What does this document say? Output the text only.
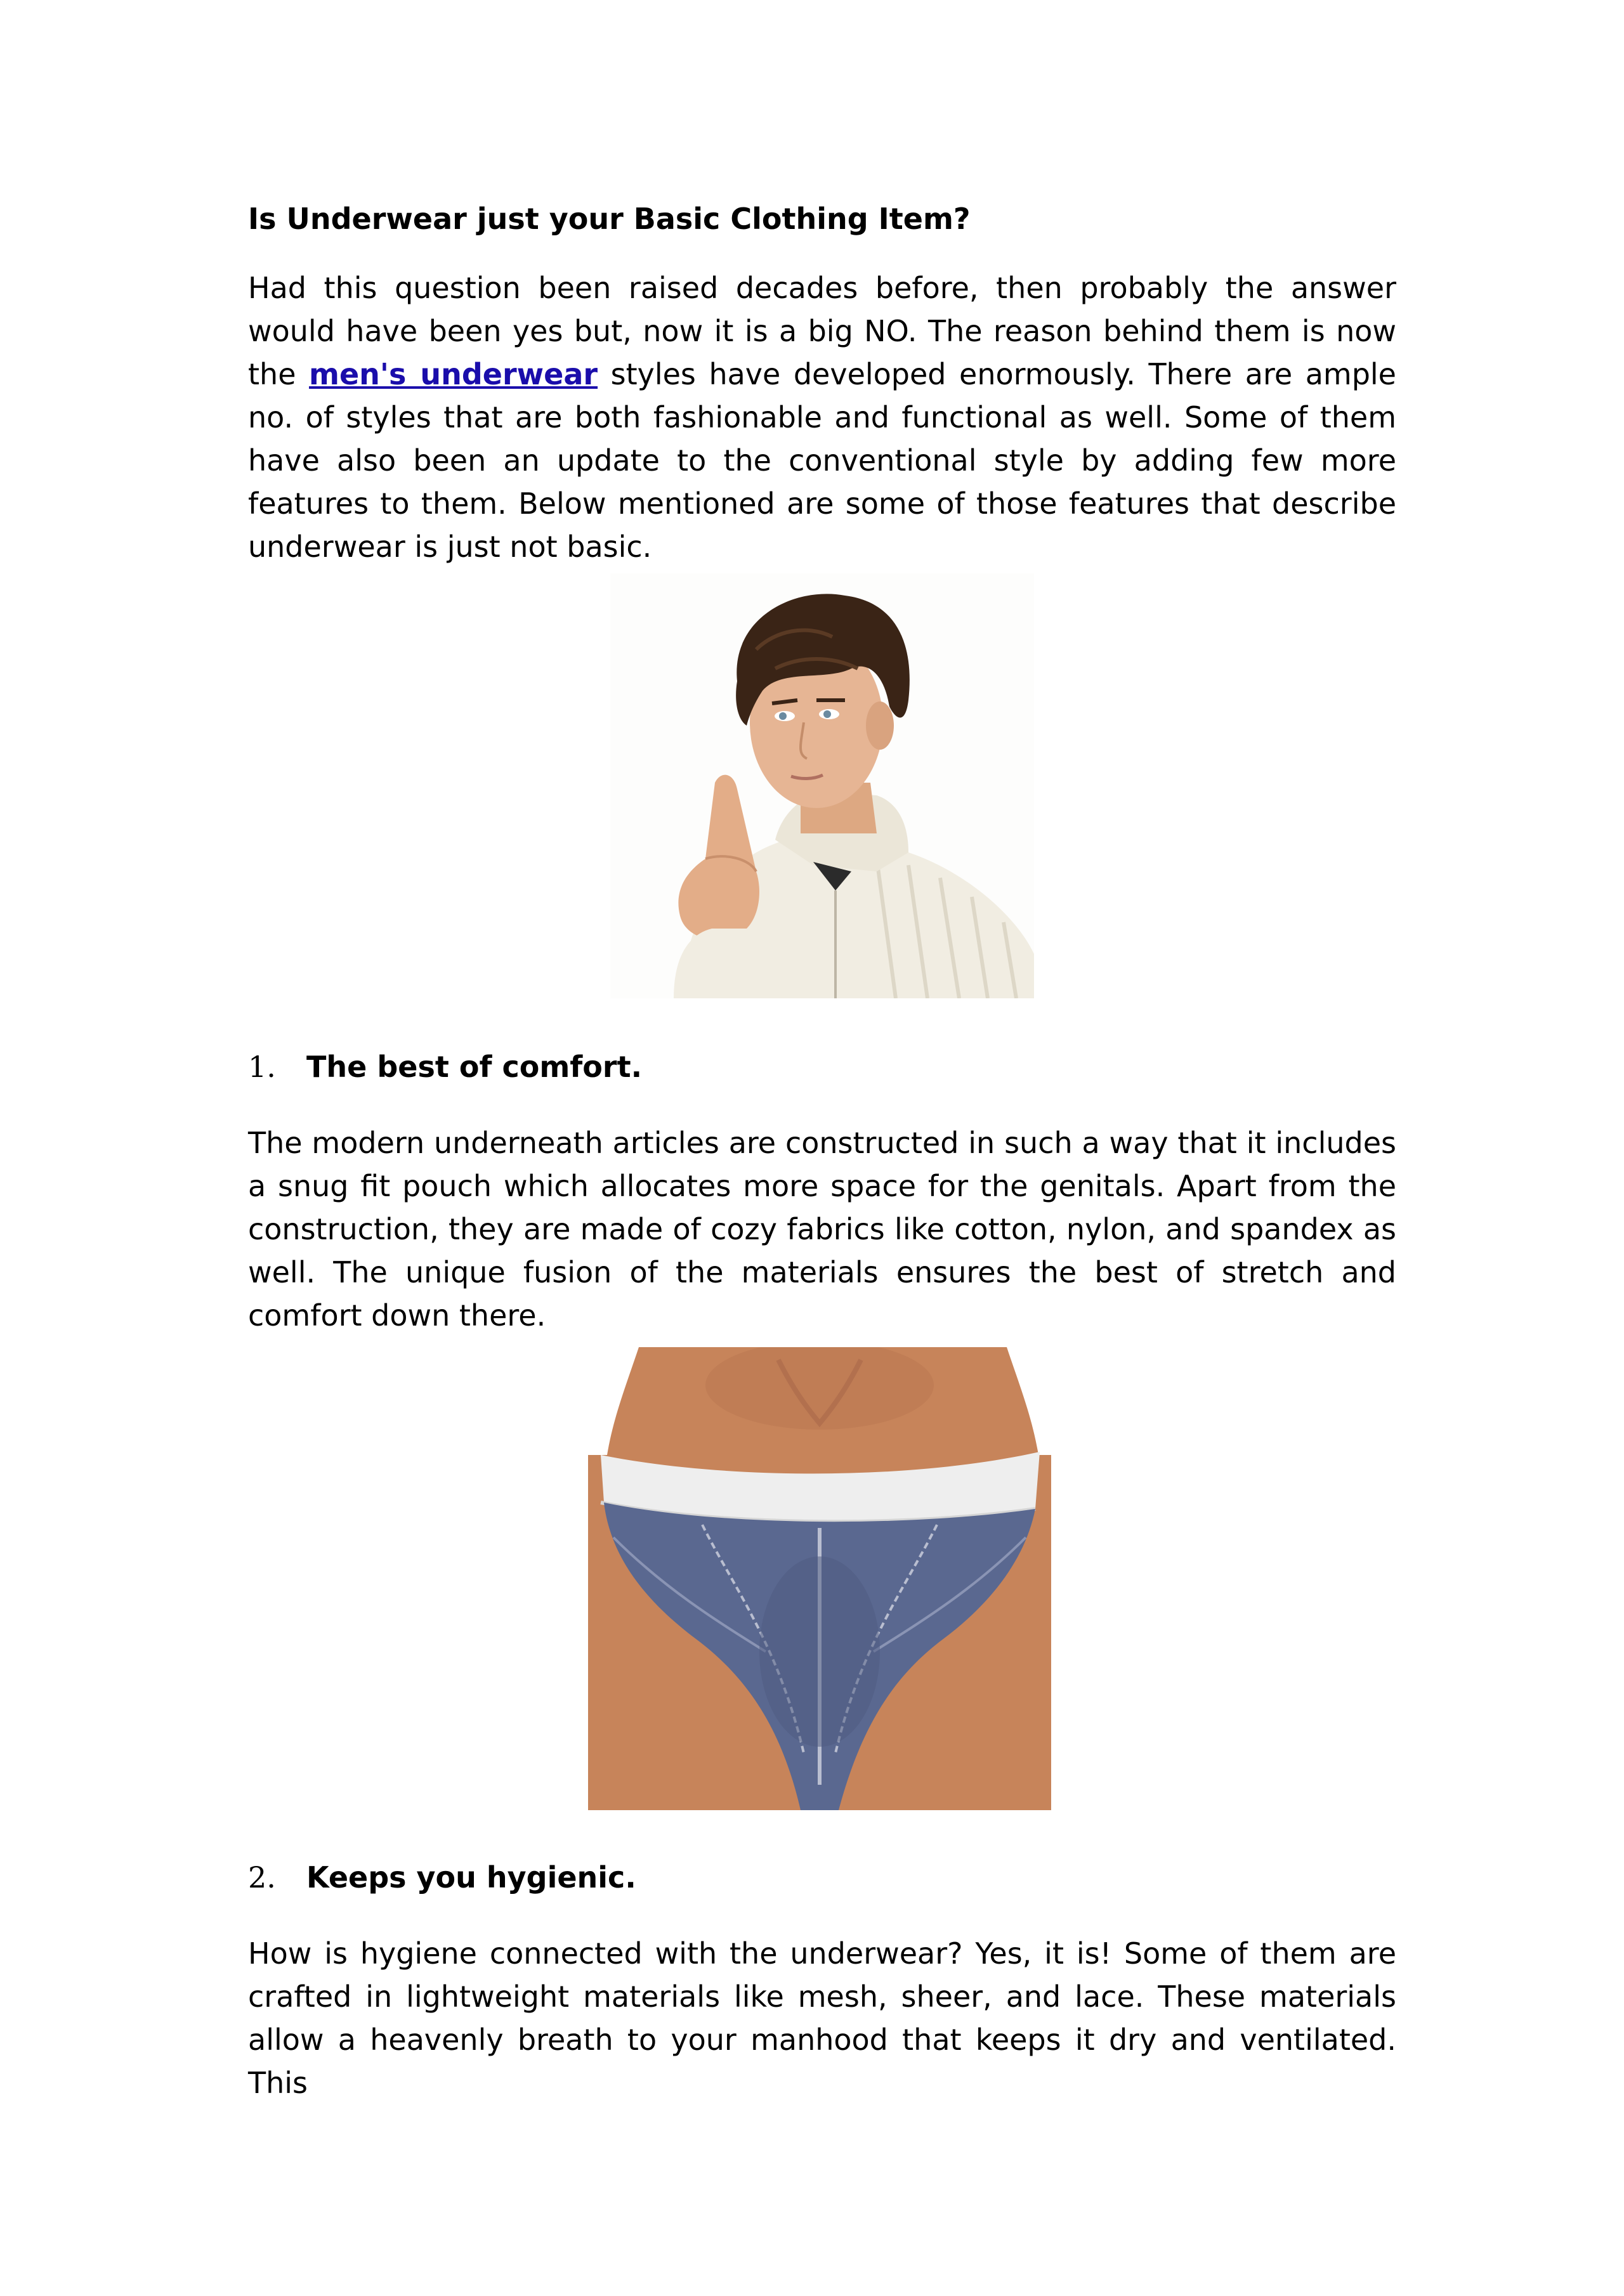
Is Underwear just your Basic Clothing Item?

Had this question been raised decades before, then probably the answer would have been yes but, now it is a big NO. The reason behind them is now the men's underwear styles have developed enormously. There are ample no. of styles that are both fashionable and functional as well. Some of them have also been an update to the conventional style by adding few more features to them. Below mentioned are some of those features that describe underwear is just not basic.

1.	The best of comfort.

The modern underneath articles are constructed in such a way that it includes a snug fit pouch which allocates more space for the genitals. Apart from the construction, they are made of cozy fabrics like cotton, nylon, and spandex as well. The unique fusion of the materials ensures the best of stretch and comfort down there.

2.	Keeps you hygienic.

How is hygiene connected with the underwear? Yes, it is! Some of them are crafted in lightweight materials like mesh, sheer, and lace. These materials allow a heavenly breath to your manhood that keeps it dry and ventilated. This
